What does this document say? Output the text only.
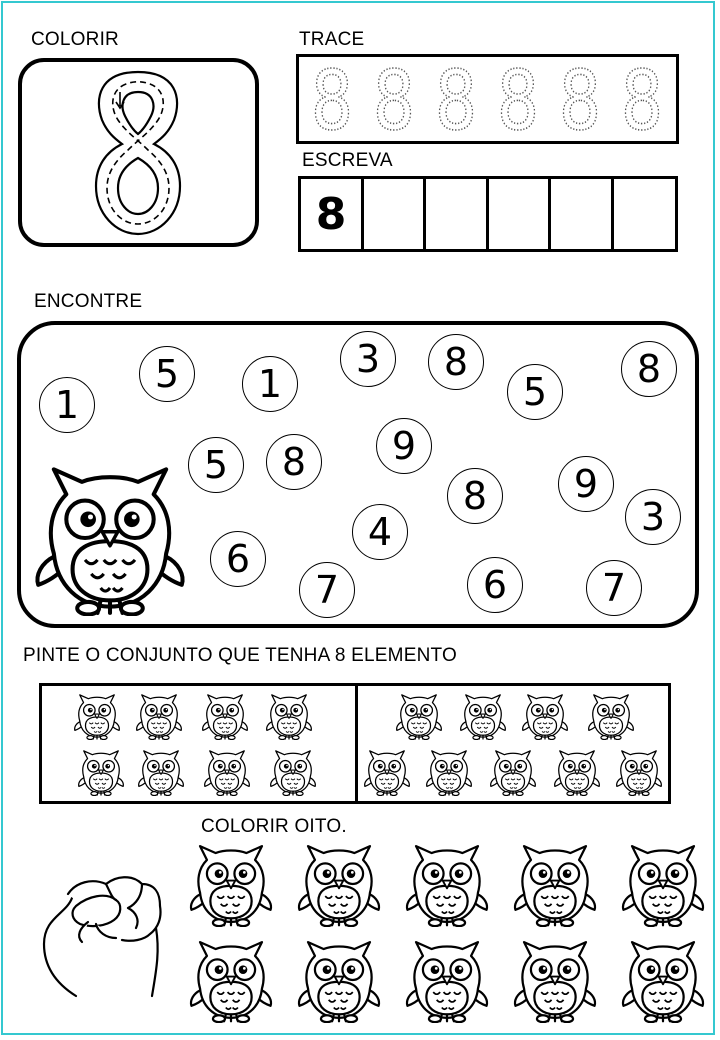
COLORIR	TRACE
8 8 8 8 8 8
ESCREVA
8
ENCONTRE
1
5	1
3	8
5
8
5	8	9
8	9
3
4
6
7	6	7
PINTE O CONJUNTO QUE TENHA 8 ELEMENTO
COLORIR OITO.
